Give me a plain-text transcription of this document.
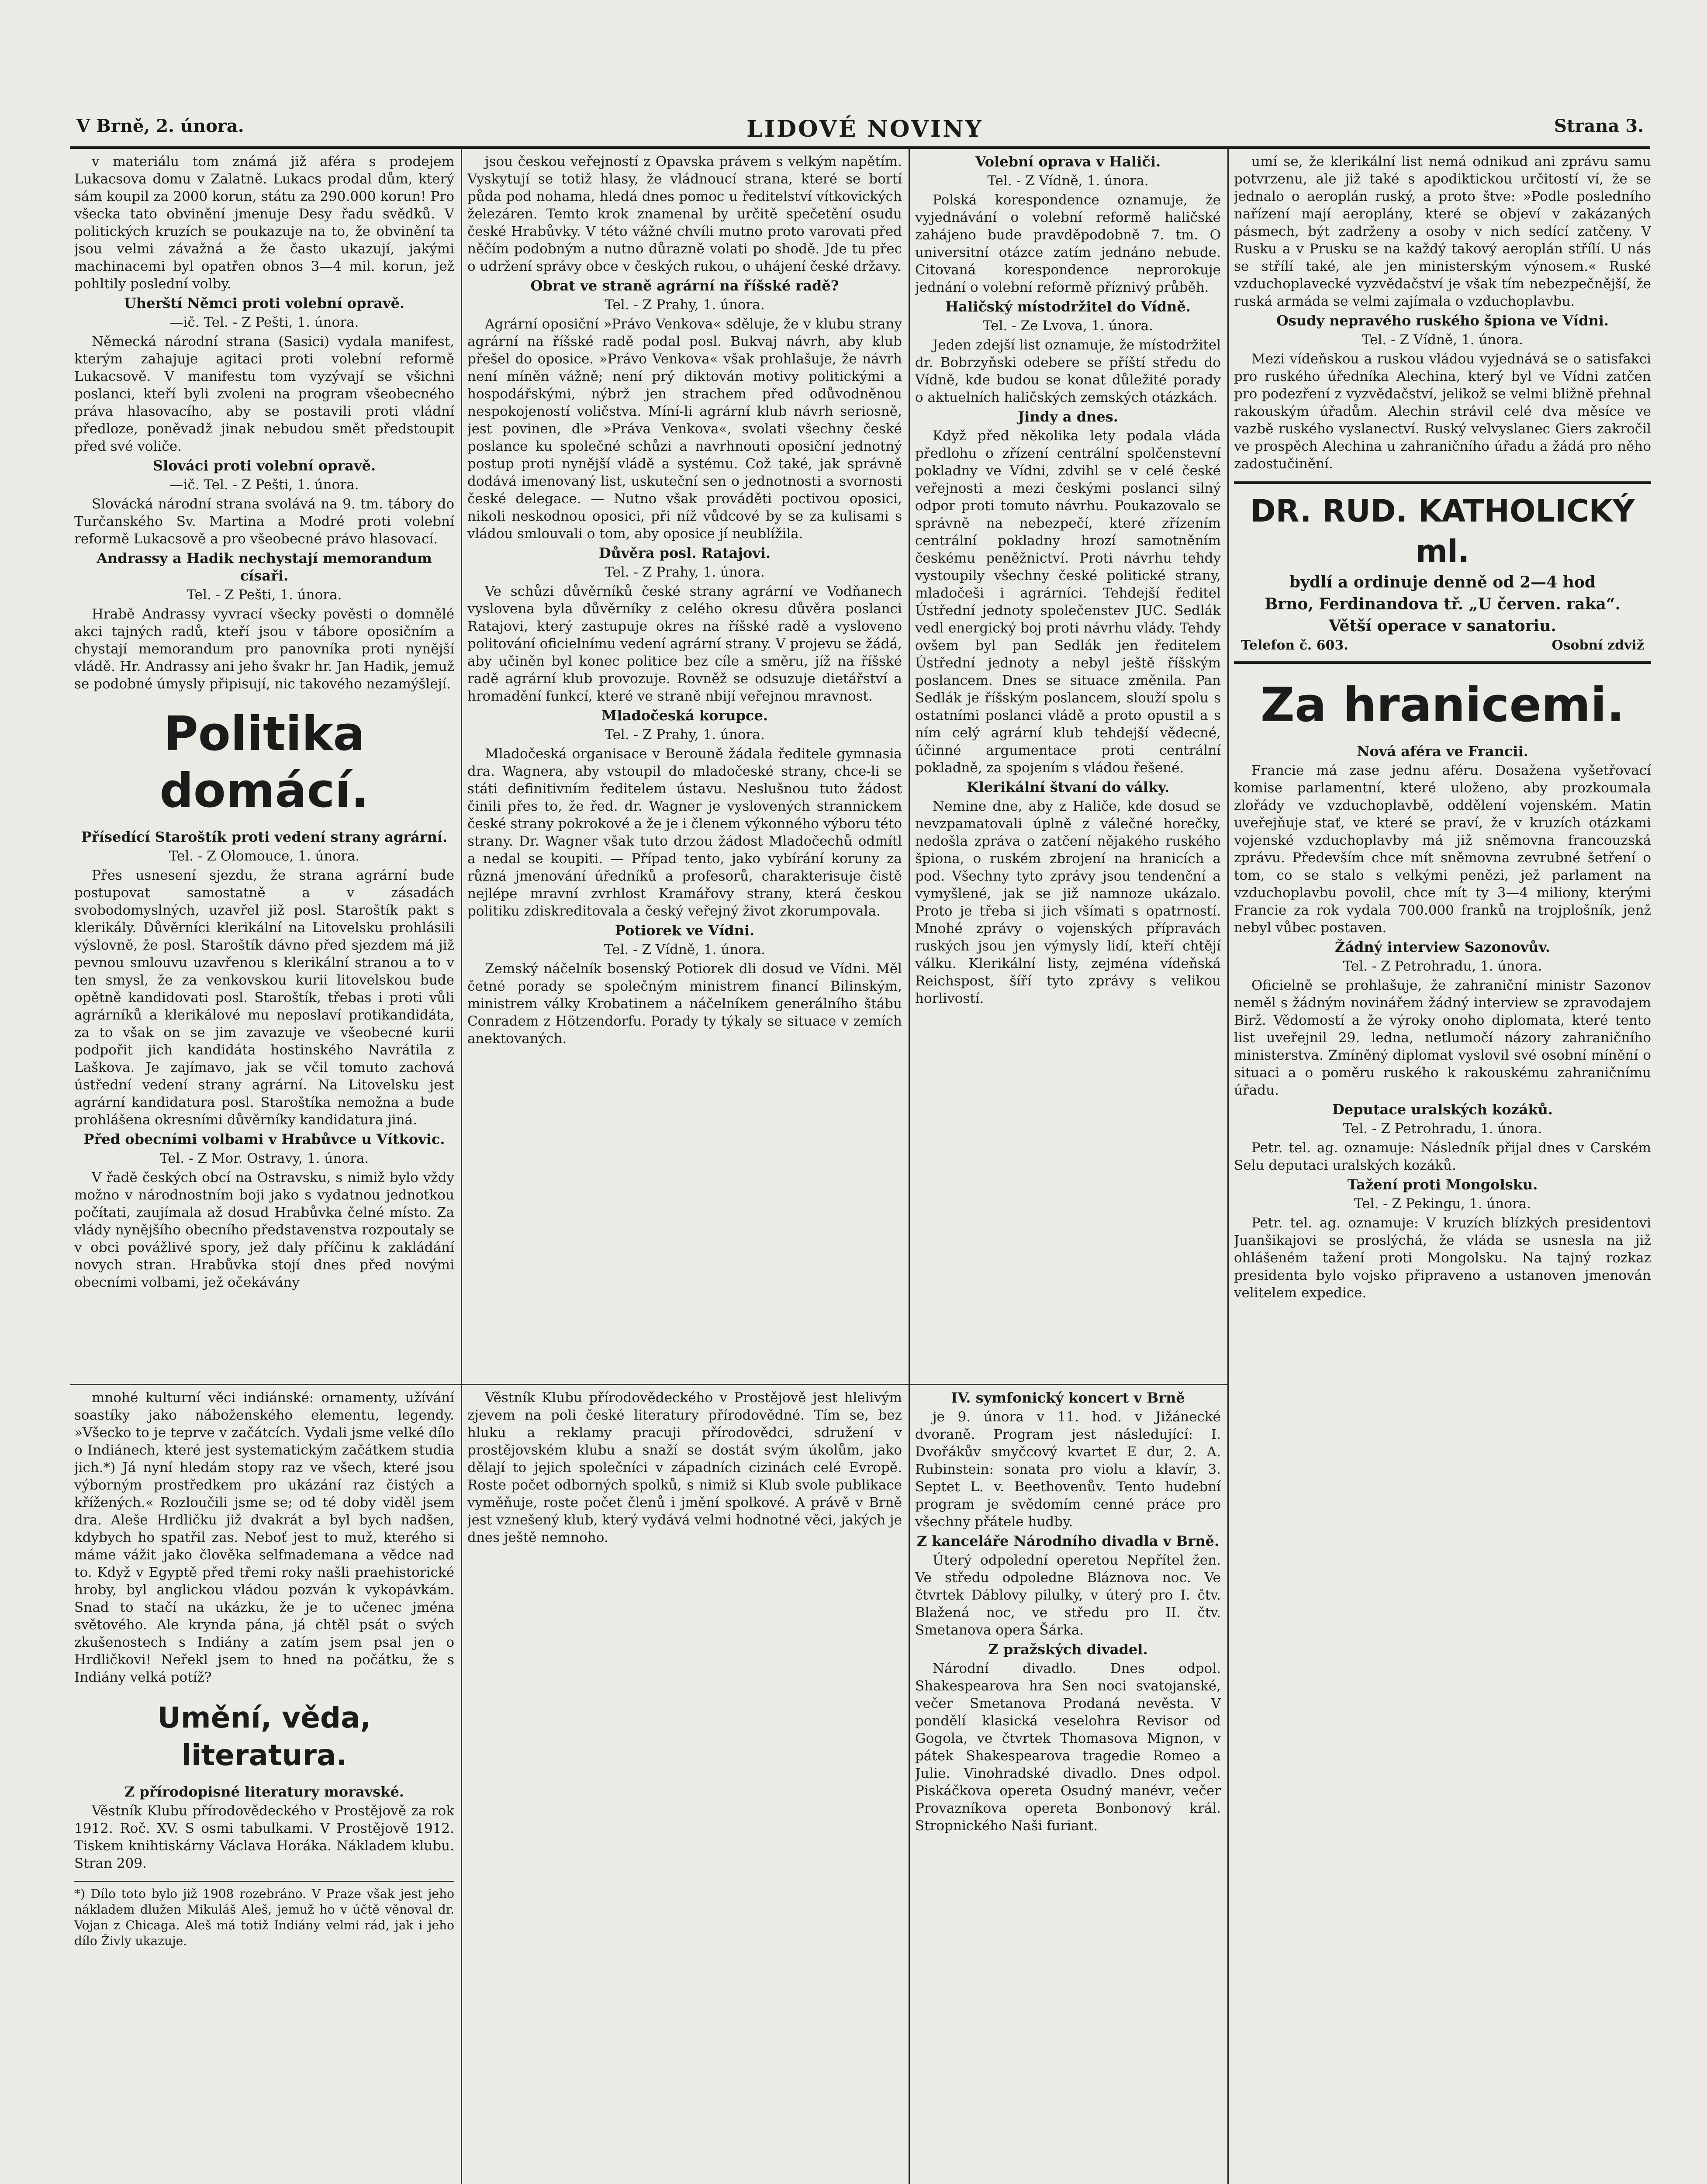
V Brně, 2. února.	LIDOVÉ NOVINY	Strana 3.

v materiálu tom známá již aféra s prodejem Lukacsova domu v Zalatně. Lukacs prodal dům, který sám koupil za 2000 korun, státu za 290.000 korun! Pro všecka tato obvinění jmenuje Desy řadu svědků. V politických kruzích se poukazuje na to, že obvinění ta jsou velmi závažná a že často ukazují, jakými machinacemi byl opatřen obnos 3—4 mil. korun, jež pohltily poslední volby.

Uherští Němci proti volební opravě.

—ič. Tel. - Z Pešti, 1. února.

Německá národní strana (Sasici) vydala manifest, kterým zahajuje agitaci proti volební reformě Lukacsově. V manifestu tom vyzývají se všichni poslanci, kteří byli zvoleni na program všeobecného práva hlasovacího, aby se postavili proti vládní předloze, poněvadž jinak nebudou smět předstoupit před své voliče.

Slováci proti volební opravě.

—ič. Tel. - Z Pešti, 1. února.

Slovácká národní strana svolává na 9. tm. tábory do Turčanského Sv. Martina a Modré proti volební reformě Lukacsově a pro všeobecné právo hlasovací.

Andrassy a Hadik nechystají memorandum císaři.

Tel. - Z Pešti, 1. února.

Hrabě Andrassy vyvrací všecky pověsti o domnělé akci tajných radů, kteří jsou v tábore oposičním a chystají memorandum pro panovníka proti nynější vládě. Hr. Andrassy ani jeho švakr hr. Jan Hadik, jemuž se podobné úmysly připisují, nic takového nezamýšlejí.

Politika domácí.

Přísedící Staroštík proti vedení strany agrární.

Tel. - Z Olomouce, 1. února.

Přes usnesení sjezdu, že strana agrární bude postupovat samostatně a v zásadách svobodomyslných, uzavřel již posl. Staroštík pakt s klerikály. Důvěrníci klerikální na Litovelsku prohlásili výslovně, že posl. Staroštík dávno před sjezdem má již pevnou smlouvu uzavřenou s klerikální stranou a to v ten smysl, že za venkovskou kurii litovelskou bude opětně kandidovati posl. Staroštík, třebas i proti vůli agrárníků a klerikálové mu neposlaví protikandidáta, za to však on se jim zavazuje ve všeobecné kurii podpořit jich kandidáta hostinského Navrátila z Laškova. Je zajímavo, jak se včil tomuto zachová ústřední vedení strany agrární. Na Litovelsku jest agrární kandidatura posl. Staroštíka nemožna a bude prohlášena okresními důvěrníky kandidatura jiná.

Před obecními volbami v Hrabůvce u Vítkovic.

Tel. - Z Mor. Ostravy, 1. února.

V řadě českých obcí na Ostravsku, s nimiž bylo vždy možno v národnostním boji jako s vydatnou jednotkou počítati, zaujímala až dosud Hrabůvka čelné místo. Za vlády nynějšího obecního představenstva rozpoutaly se v obci povážlivé spory, jež daly příčinu k zakládání novych stran. Hrabůvka stojí dnes před novými obecními volbami, jež očekávány

mnohé kulturní věci indiánské: ornamenty, užívání soastíky jako náboženského elementu, legendy. »Všecko to je teprve v začátcích. Vydali jsme velké dílo o Indiánech, které jest systematickým začátkem studia jich.*) Já nyní hledám stopy raz ve všech, které jsou výborným prostředkem pro ukázání raz čistých a křížených.« Rozloučili jsme se; od té doby viděl jsem dra. Aleše Hrdličku již dvakrát a byl bych nadšen, kdybych ho spatřil zas. Neboť jest to muž, kterého si máme vážit jako člověka selfmademana a vědce nad to. Když v Egyptě před třemi roky našli praehistorické hroby, byl anglickou vládou pozván k vykopávkám. Snad to stačí na ukázku, že je to učenec jména světového. Ale krynda pána, já chtěl psát o svých zkušenostech s Indiány a zatím jsem psal jen o Hrdličkovi! Neřekl jsem to hned na počátku, že s Indiány velká potíž?

Umění, věda, literatura.

Z přírodopisné literatury moravské.

Věstník Klubu přírodovědeckého v Prostějově za rok 1912. Roč. XV. S osmi tabulkami. V Prostějově 1912. Tiskem knihtiskárny Václava Horáka. Nákladem klubu. Stran 209.

*) Dílo toto bylo již 1908 rozebráno. V Praze však jest jeho nákladem dlužen Mikuláš Aleš, jemuž ho v účtě věnoval dr. Vojan z Chicaga. Aleš má totiž Indiány velmi rád, jak i jeho dílo Živly ukazuje.

jsou českou veřejností z Opavska právem s velkým napětím. Vyskytují se totiž hlasy, že vládnoucí strana, které se bortí půda pod nohama, hledá dnes pomoc u ředitelství vítkovických železáren. Temto krok znamenal by určitě spečetění osudu české Hrabůvky. V této vážné chvíli mutno proto varovati před něčím podobným a nutno důrazně volati po shodě. Jde tu přec o udržení správy obce v českých rukou, o uhájení české državy.

Obrat ve straně agrární na říšské radě?

Tel. - Z Prahy, 1. února.

Agrární oposiční »Právo Venkova« sděluje, že v klubu strany agrární na říšské radě podal posl. Bukvaj návrh, aby klub přešel do oposice. »Právo Venkova« však prohlašuje, že návrh není míněn vážně; není prý diktován motivy politickými a hospodářskými, nýbrž jen strachem před odůvodněnou nespokojeností voličstva. Míní-li agrární klub návrh seriosně, jest povinen, dle »Práva Venkova«, svolati všechny české poslance ku společné schůzi a navrhnouti oposiční jednotný postup proti nynější vládě a systému. Což také, jak správně dodává imenovaný list, uskuteční sen o jednotnosti a svornosti české delegace. — Nutno však prováděti poctivou oposici, nikoli neskodnou oposici, při níž vůdcové by se za kulisami s vládou smlouvali o tom, aby oposice jí neublížila.

Důvěra posl. Ratajovi.

Tel. - Z Prahy, 1. února.

Ve schůzi důvěrníků české strany agrární ve Vodňanech vyslovena byla důvěrníky z celého okresu důvěra poslanci Ratajovi, který zastupuje okres na říšské radě a vysloveno politování oficielnímu vedení agrární strany. V projevu se žádá, aby učiněn byl konec politice bez cíle a směru, jíž na říšské radě agrární klub provozuje. Rovněž se odsuzuje dietářství a hromadění funkcí, které ve straně nbijí veřejnou mravnost.

Mladočeská korupce.

Tel. - Z Prahy, 1. února.

Mladočeská organisace v Berouně žádala ředitele gymnasia dra. Wagnera, aby vstoupil do mladočeské strany, chce-li se státi definitivním ředitelem ústavu. Neslušnou tuto žádost činili přes to, že řed. dr. Wagner je vyslovených strannickem české strany pokrokové a že je i členem výkonného výboru této strany. Dr. Wagner však tuto drzou žádost Mladočechů odmítl a nedal se koupiti. — Případ tento, jako vybírání koruny za různá jmenování úředníků a profesorů, charakterisuje čistě nejlépe mravní zvrhlost Kramářovy strany, která českou politiku zdiskreditovala a český veřejný život zkorumpovala.

Potiorek ve Vídni.

Tel. - Z Vídně, 1. února.

Zemský náčelník bosenský Potiorek dli dosud ve Vídni. Měl četné porady se společným ministrem financí Bilinským, ministrem války Krobatinem a náčelníkem generálního štábu Conradem z Hötzendorfu. Porady ty týkaly se situace v zemích anektovaných.

Věstník Klubu přírodovědeckého v Prostějově jest hlelivým zjevem na poli české literatury přírodovědné. Tím se, bez hluku a reklamy pracuji přírodovědci, sdružení v prostějovském klubu a snaží se dostát svým úkolům, jako dělají to jejich společníci v západních cizinách celé Evropě. Roste počet odborných spolků, s nimiž si Klub svole publikace vyměňuje, roste počet členů i jmění spolkové. A právě v Brně jest vznešený klub, který vydává velmi hodnotné věci, jakých je dnes ještě nemnoho.

Volební oprava v Haliči.

Tel. - Z Vídně, 1. února.

Polská korespondence oznamuje, že vyjednávání o volební reformě haličské zahájeno bude pravděpodobně 7. tm. O universitní otázce zatím jednáno nebude. Citovaná korespondence neprorokuje jednání o volební reformě příznivý průběh.

Haličský místodržitel do Vídně.

Tel. - Ze Lvova, 1. února.

Jeden zdejší list oznamuje, že místodržitel dr. Bobrzyňski odebere se příští středu do Vídně, kde budou se konat důležité porady o aktuelních haličských zemských otázkách.

Jindy a dnes.

Když před několika lety podala vláda předlohu o zřízení centrální spolčenstevní pokladny ve Vídni, zdvihl se v celé české veřejnosti a mezi českými poslanci silný odpor proti tomuto návrhu. Poukazovalo se správně na nebezpečí, které zřízením centrální pokladny hrozí samotněním českému peněžnictví. Proti návrhu tehdy vystoupily všechny české politické strany, mladočeši i agrárníci. Tehdejší ředitel Ústřední jednoty společenstev JUC. Sedlák vedl energický boj proti návrhu vlády. Tehdy ovšem byl pan Sedlák jen ředitelem Ústřední jednoty a nebyl ještě říšským poslancem. Dnes se situace změnila. Pan Sedlák je říšským poslancem, slouží spolu s ostatními poslanci vládě a proto opustil a s ním celý agrární klub tehdejší vědecné, účinné argumentace proti centrální pokladně, za spojením s vládou řešené.

Klerikální štvaní do války.

Nemine dne, aby z Haliče, kde dosud se nevzpamatovali úplně z válečné horečky, nedošla zpráva o zatčení nějakého ruského špiona, o ruském zbrojení na hranicích a pod. Všechny tyto zprávy jsou tendenční a vymyšlené, jak se již namnoze ukázalo. Proto je třeba si jich všímati s opatrností. Mnohé zprávy o vojenských přípravách ruských jsou jen výmysly lidí, kteří chtějí válku. Klerikální listy, zejména vídeňská Reichspost, šíří tyto zprávy s velikou horlivostí.

IV. symfonický koncert v Brně

je 9. února v 11. hod. v Jižánecké dvoraně. Program jest následující: I. Dvořákův smyčcový kvartet E dur, 2. A. Rubinstein: sonata pro violu a klavír, 3. Septet L. v. Beethovenův. Tento hudební program je svědomím cenné práce pro všechny přátele hudby.

Z kanceláře Národního divadla v Brně.

Úterý odpolední operetou Nepřítel žen. Ve středu odpoledne Bláznova noc. Ve čtvrtek Dáblovy pilulky, v úterý pro I. čtv. Blažená noc, ve středu pro II. čtv. Smetanova opera Šárka.

Z pražských divadel.

Národní divadlo. Dnes odpol. Shakespearova hra Sen noci svatojanské, večer Smetanova Prodaná nevěsta. V pondělí klasická veselohra Revisor od Gogola, ve čtvrtek Thomasova Mignon, v pátek Shakespearova tragedie Romeo a Julie. Vinohradské divadlo. Dnes odpol. Piskáčkova opereta Osudný manévr, večer Provazníkova opereta Bonbonový král. Stropnického Naši furiant.

umí se, že klerikální list nemá odnikud ani zprávu samu potvrzenu, ale již také s apodiktickou určitostí ví, že se jednalo o aeroplán ruský, a proto štve: »Podle posledního nařízení mají aeroplány, které se objeví v zakázaných pásmech, být zadrženy a osoby v nich sedící zatčeny. V Rusku a v Prusku se na každý takový aeroplán střílí. U nás se střílí také, ale jen ministerským výnosem.« Ruské vzduchoplavecké vyzvědačství je však tím nebezpečnější, že ruská armáda se velmi zajímala o vzduchoplavbu.

Osudy nepravého ruského špiona ve Vídni.

Tel. - Z Vídně, 1. února.

Mezi vídeňskou a ruskou vládou vyjednává se o satisfakci pro ruského úředníka Alechina, který byl ve Vídni zatčen pro podezření z vyzvědačství, jelikož se velmi bližně přehnal rakouským úřadům. Alechin strávil celé dva měsíce ve vazbě ruského vyslanectví. Ruský velvyslanec Giers zakročil ve prospěch Alechina u zahraničního úřadu a žádá pro něho zadostučinění.

DR. RUD. KATHOLICKÝ ml.
bydlí a ordinuje denně od 2—4 hod
Brno, Ferdinandova tř. „U červen. raka“.
Větší operace v sanatoriu.
Telefon č. 603.	Osobní zdviž
Za hranicemi.

Nová aféra ve Francii.

Francie má zase jednu aféru. Dosažena vyšetřovací komise parlamentní, které uloženo, aby prozkoumala zlořády ve vzduchoplavbě, oddělení vojenském. Matin uveřejňuje stať, ve které se praví, že v kruzích otázkami vojenské vzduchoplavby má již sněmovna francouzská zprávu. Především chce mít sněmovna zevrubné šetření o tom, co se stalo s velkými penězi, jež parlament na vzduchoplavbu povolil, chce mít ty 3—4 miliony, kterými Francie za rok vydala 700.000 franků na trojplošník, jenž nebyl vůbec postaven.

Žádný interview Sazonovův.

Tel. - Z Petrohradu, 1. února.

Oficielně se prohlašuje, že zahraniční ministr Sazonov neměl s žádným novinářem žádný interview se zpravodajem Birž. Vědomostí a že výroky onoho diplomata, které tento list uveřejnil 29. ledna, netlumočí názory zahraničního ministerstva. Zmíněný diplomat vyslovil své osobní mínění o situaci a o poměru ruského k rakouskému zahraničnímu úřadu.

Deputace uralských kozáků.

Tel. - Z Petrohradu, 1. února.

Petr. tel. ag. oznamuje: Následník přijal dnes v Carském Selu deputaci uralských kozáků.

Tažení proti Mongolsku.

Tel. - Z Pekingu, 1. února.

Petr. tel. ag. oznamuje: V kruzích blízkých presidentovi Juanšikajovi se proslýchá, že vláda se usnesla na již ohlášeném tažení proti Mongolsku. Na tajný rozkaz presidenta bylo vojsko připraveno a ustanoven jmenován velitelem expedice.
